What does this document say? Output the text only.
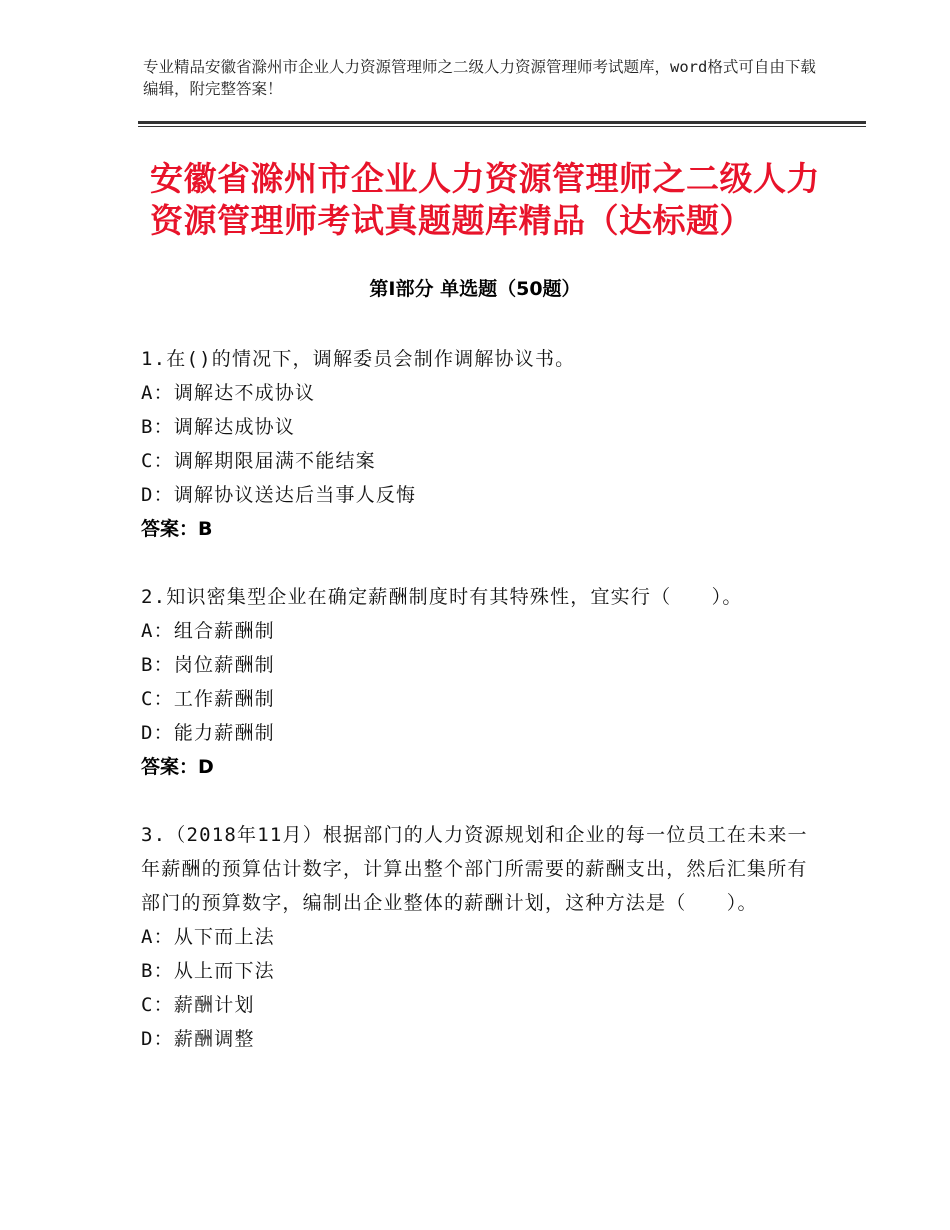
专业精品安徽省滁州市企业人力资源管理师之二级人力资源管理师考试题库，word格式可自由下载编辑，附完整答案！
安徽省滁州市企业人力资源管理师之二级人力资源管理师考试真题题库精品（达标题）
第Ⅰ部分 单选题（50题）

1.在()的情况下，调解委员会制作调解协议书。

A：调解达不成协议

B：调解达成协议

C：调解期限届满不能结案

D：调解协议送达后当事人反悔

答案：B

2.知识密集型企业在确定薪酬制度时有其特殊性，宜实行（　　）。

A：组合薪酬制

B：岗位薪酬制

C：工作薪酬制

D：能力薪酬制

答案：D

3.（2018年11月）根据部门的人力资源规划和企业的每一位员工在未来一年薪酬的预算估计数字，计算出整个部门所需要的薪酬支出，然后汇集所有部门的预算数字，编制出企业整体的薪酬计划，这种方法是（　　）。

A：从下而上法

B：从上而下法

C：薪酬计划

D：薪酬调整
